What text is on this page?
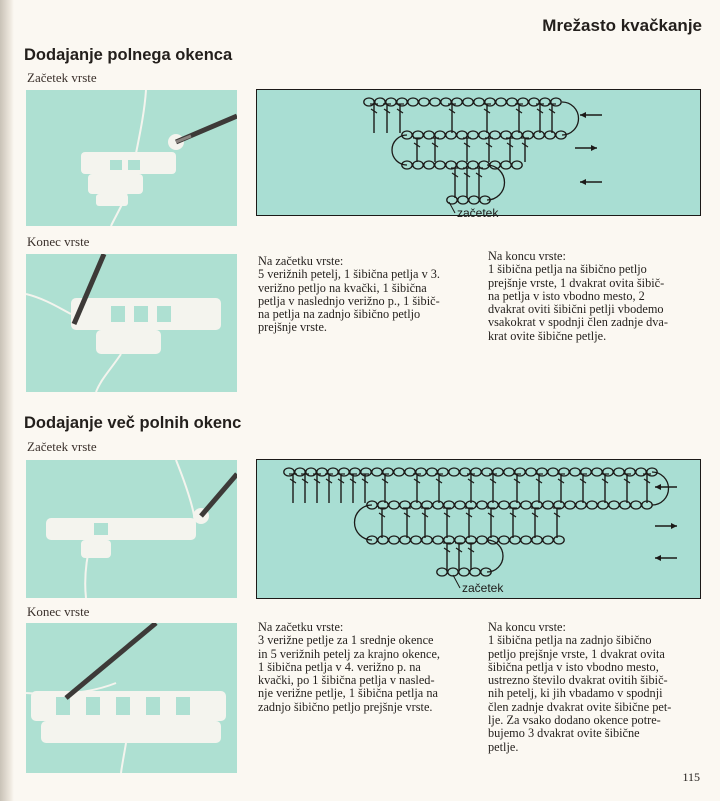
Mrežasto kvačkanje
Dodajanje polnega okenca
Začetek vrste
Konec vrste
začetek
Na začetku vrste:
5 verižnih petelj, 1 šibična petlja v 3.
verižno petljo na kvački, 1 šibična
petlja v naslednjo verižno p., 1 šibič-
na petlja na zadnjo šibično petljo
prejšnje vrste.
Na koncu vrste:
1 šibična petlja na šibično petljo
prejšnje vrste, 1 dvakrat ovita šibič-
na petlja v isto vbodno mesto, 2
dvakrat oviti šibični petlji vbodemo
vsakokrat v spodnji člen zadnje dva-
krat ovite šibične petlje.
Dodajanje več polnih okenc
Začetek vrste
Konec vrste
začetek
Na začetku vrste:
3 verižne petlje za 1 srednje okence
in 5 verižnih petelj za krajno okence,
1 šibična petlja v 4. verižno p. na
kvački, po 1 šibična petlja v nasled-
nje verižne petlje, 1 šibična petlja na
zadnjo šibično petljo prejšnje vrste.
Na koncu vrste:
1 šibična petlja na zadnjo šibično
petljo prejšnje vrste, 1 dvakrat ovita
šibična petlja v isto vbodno mesto,
ustrezno število dvakrat ovitih šibič-
nih petelj, ki jih vbadamo v spodnji
člen zadnje dvakrat ovite šibične pet-
lje. Za vsako dodano okence potre-
bujemo 3 dvakrat ovite šibične
petlje.
115
